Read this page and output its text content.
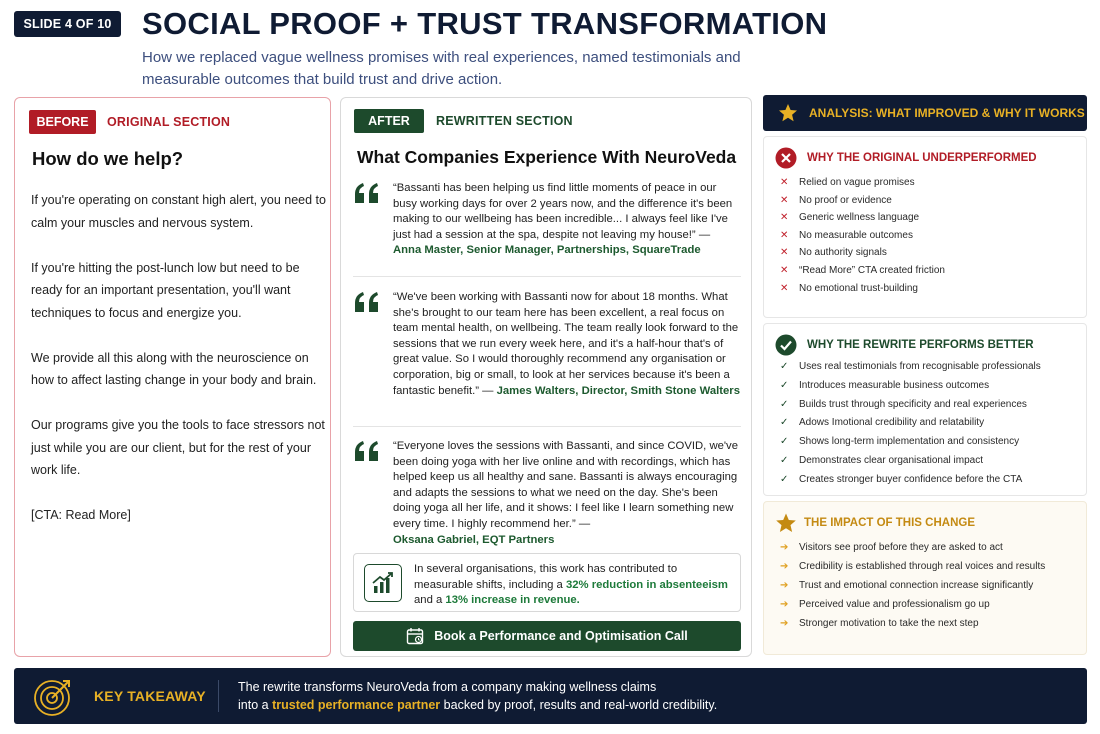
SLIDE 4 OF 10 SOCIAL PROOF + TRUST TRANSFORMATION
How we replaced vague wellness promises with real experiences, named testimonials and measurable outcomes that build trust and drive action.
BEFORE	ORIGINAL SECTION
How do we help?

If you're operating on constant high alert, you need to calm your muscles and nervous system.

If you're hitting the post-lunch low but need to be ready for an important presentation, you'll want techniques to focus and energize you.

We provide all this along with the neuroscience on how to affect lasting change in your body and brain.

Our programs give you the tools to face stressors not just while you are our client, but for the rest of your work life.

[CTA: Read More]

AFTER	REWRITTEN SECTION
What Companies Experience With NeuroVeda
“Bassanti has been helping us find little moments of peace in our busy working days for over 2 years now, and the difference it's been making to our wellbeing has been incredible... I always feel like I've just had a session at the spa, despite not leaving my house!” —
Anna Master, Senior Manager, Partnerships, SquareTrade
“We've been working with Bassanti now for about 18 months. What she's brought to our team here has been excellent, a real focus on team mental health, on wellbeing. The team really look forward to the sessions that we run every week here, and it's a half-hour that's of great value. So I would thoroughly recommend any organisation or corporation, big or small, to look at her services because it's been a fantastic benefit.” — James Walters, Director, Smith Stone Walters
“Everyone loves the sessions with Bassanti, and since COVID, we've been doing yoga with her live online and with recordings, which has helped keep us all healthy and sane. Bassanti is always encouraging and adapts the sessions to what we need on the day. She's been doing yoga all her life, and it shows: I feel like I learn something new every time. I highly recommend her.” —
Oksana Gabriel, EQT Partners
In several organisations, this work has contributed to measurable shifts, including a 32% reduction in absenteeism and a 13% increase in revenue.
Book a Performance and Optimisation Call
ANALYSIS: WHAT IMPROVED & WHY IT WORKS
WHY THE ORIGINAL UNDERPERFORMED
✕ Relied on vague promises
✕ No proof or evidence
✕ Generic wellness language
✕ No measurable outcomes
✕ No authority signals
✕ “Read More” CTA created friction
✕ No emotional trust-building
WHY THE REWRITE PERFORMS BETTER
✓ Uses real testimonials from recognisable professionals
✓ Introduces measurable business outcomes
✓ Builds trust through specificity and real experiences
✓ Adows Imotional credibility and relatability
✓ Shows long-term implementation and consistency
✓ Demonstrates clear organisational impact
✓ Creates stronger buyer confidence before the CTA
THE IMPACT OF THIS CHANGE
➔ Visitors see proof before they are asked to act
➔ Credibility is established through real voices and results
➔ Trust and emotional connection increase significantly
➔ Perceived value and professionalism go up
➔ Stronger motivation to take the next step
KEY TAKEAWAY
The rewrite transforms NeuroVeda from a company making wellness claims
into a trusted performance partner backed by proof, results and real-world credibility.
